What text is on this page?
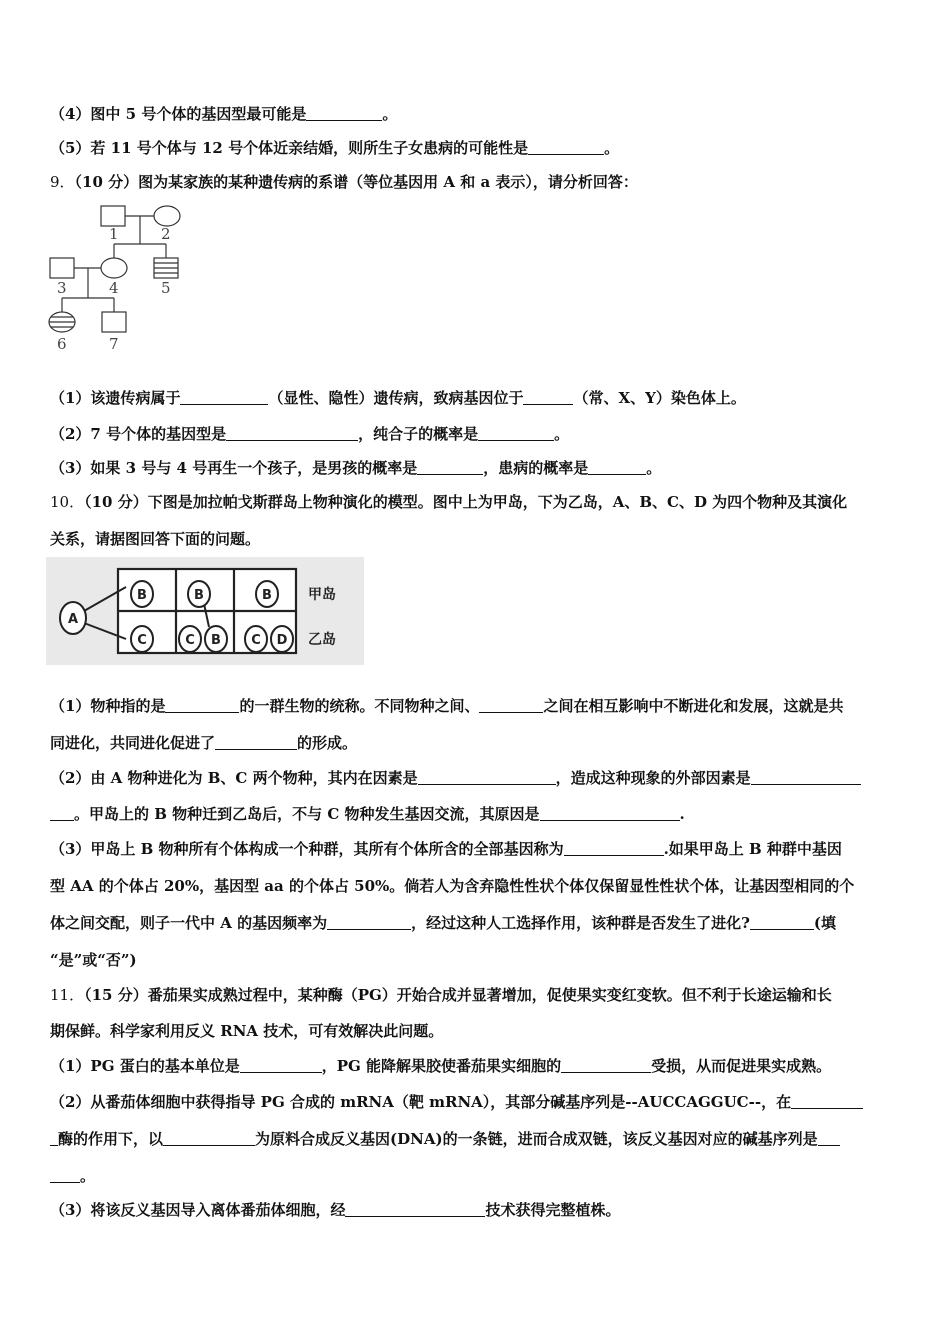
（4）图中 5 号个体的基因型最可能是	。
（5）若 11 号个体与 12 号个体近亲结婚，则所生子女患病的可能性是	。
9．（10 分）图为某家族的某种遗传病的系谱（等位基因用 A 和 a 表示），请分析回答：
1	2
3	4	5
6	7
（1）该遗传病属于	（显性、隐性）遗传病，致病基因位于	（常、X、Y）染色体上。
（2）7 号个体的基因型是	，纯合子的概率是	。
（3）如果 3 号与 4 号再生一个孩子，是男孩的概率是	，患病的概率是	。
10．（10 分）下图是加拉帕戈斯群岛上物种演化的模型。图中上为甲岛，下为乙岛，A、B、C、D 为四个物种及其演化
关系，请据图回答下面的问题。
A
B	B	B
C	C B C D
甲岛
乙岛
（1）物种指的是	的一群生物的统称。不同物种之间、	之间在相互影响中不断进化和发展，这就是共
同进化，共同进化促进了	的形成。
（2）由 A 物种进化为 B、C 两个物种，其内在因素是	，造成这种现象的外部因素是
。甲岛上的 B 物种迁到乙岛后，不与 C 物种发生基因交流，其原因是	.
（3）甲岛上 B 物种所有个体构成一个种群，其所有个体所含的全部基因称为	.如果甲岛上 B 种群中基因
型 AA 的个体占 20%，基因型 aa 的个体占 50%。倘若人为含弃隐性性状个体仅保留显性性状个体，让基因型相同的个
体之间交配，则子一代中 A 的基因频率为	，经过这种人工选择作用，该种群是否发生了进化?	(填
“是”或“否”)
11．（15 分）番茄果实成熟过程中，某种酶（PG）开始合成并显著增加，促使果实变红变软。但不利于长途运输和长
期保鲜。科学家利用反义 RNA 技术，可有效解决此问题。
（1）PG 蛋白的基本单位是	，PG 能降解果胶使番茄果实细胞的	受损，从而促进果实成熟。
（2）从番茄体细胞中获得指导 PG 合成的 mRNA（靶 mRNA），其部分碱基序列是--AUCCAGGUC--，在
酶的作用下，以	为原料合成反义基因(DNA)的一条链，进而合成双链，该反义基因对应的碱基序列是
。
（3）将该反义基因导入离体番茄体细胞，经	技术获得完整植株。
